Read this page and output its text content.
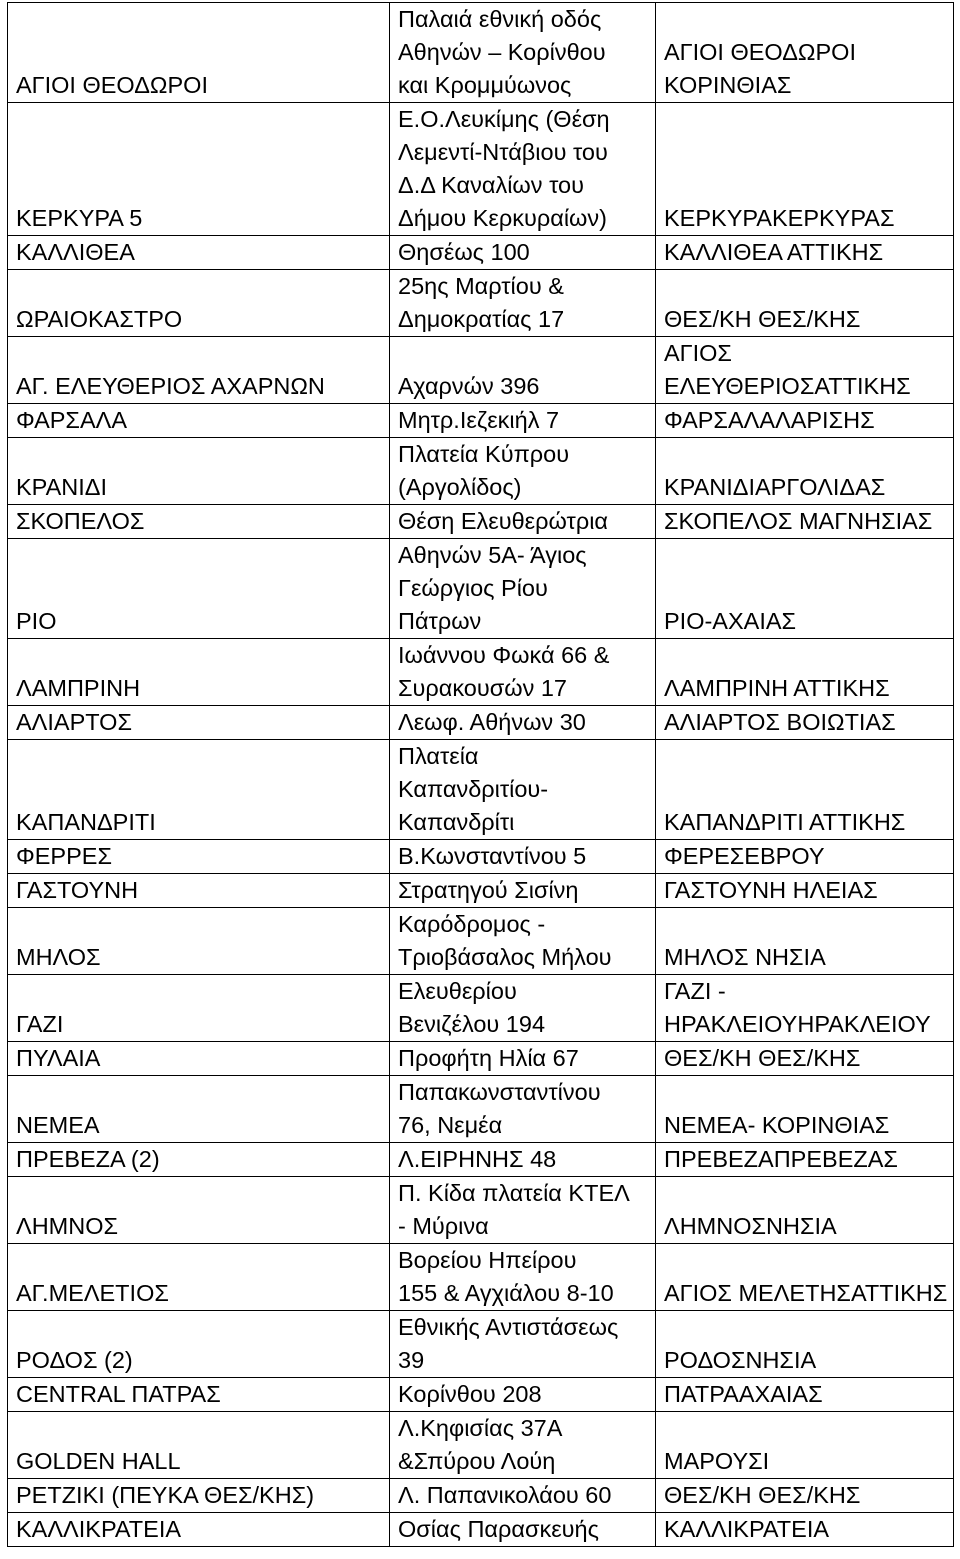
ΑΓΙΟΙ ΘΕΟΔΩΡΟΙ	Παλαιά εθνική οδός
Αθηνών – Κορίνθου
και Κρομμύωνος	ΑΓΙΟΙ ΘΕΟΔΩΡΟΙ
ΚΟΡΙΝΘΙΑΣ
ΚΕΡΚΥΡΑ 5	Ε.Ο.Λευκίμης (Θέση
Λεμεντί-Ντάβιου του
Δ.Δ Καναλίων του
Δήμου Κερκυραίων)	ΚΕΡΚΥΡΑΚΕΡΚΥΡΑΣ
ΚΑΛΛΙΘΕΑ	Θησέως 100	ΚΑΛΛΙΘΕΑ ΑΤΤΙΚΗΣ
ΩΡΑΙΟΚΑΣΤΡΟ	25ης Μαρτίου &
Δημοκρατίας 17	ΘΕΣ/ΚΗ ΘΕΣ/ΚΗΣ
ΑΓ. ΕΛΕΥΘΕΡΙΟΣ ΑΧΑΡΝΩΝ	Αχαρνών 396	ΑΓΙΟΣ
ΕΛΕΥΘΕΡΙΟΣΑΤΤΙΚΗΣ
ΦΑΡΣΑΛΑ	Μητρ.Ιεζεκιήλ 7	ΦΑΡΣΑΛΑΛΑΡΙΣΗΣ
ΚΡΑΝΙΔΙ	Πλατεία Κύπρου
(Αργολίδος)	ΚΡΑΝΙΔΙΑΡΓΟΛΙΔΑΣ
ΣΚΟΠΕΛΟΣ	Θέση Ελευθερώτρια	ΣΚΟΠΕΛΟΣ ΜΑΓΝΗΣΙΑΣ
ΡΙΟ	Αθηνών 5Α- Άγιος
Γεώργιος Ρίου
Πάτρων	ΡΙΟ-ΑΧΑΙΑΣ
ΛΑΜΠΡΙΝΗ	Ιωάννου Φωκά 66 &
Συρακουσών 17	ΛΑΜΠΡΙΝΗ ΑΤΤΙΚΗΣ
ΑΛΙΑΡΤΟΣ	Λεωφ. Αθήνων 30	ΑΛΙΑΡΤΟΣ ΒΟΙΩΤΙΑΣ
ΚΑΠΑΝΔΡΙΤΙ	Πλατεία
Καπανδριτίου-
Καπανδρίτι	ΚΑΠΑΝΔΡΙΤΙ ΑΤΤΙΚΗΣ
ΦΕΡΡΕΣ	Β.Κωνσταντίνου 5	ΦΕΡΕΣΕΒΡΟΥ
ΓΑΣΤΟΥΝΗ	Στρατηγού Σισίνη	ΓΑΣΤΟΥΝΗ ΗΛΕΙΑΣ
ΜΗΛΟΣ	Καρόδρομος -
Τριοβάσαλος Μήλου	ΜΗΛΟΣ ΝΗΣΙΑ
ΓΑΖΙ	Ελευθερίου
Βενιζέλου 194	ΓΑΖΙ -
ΗΡΑΚΛΕΙΟΥΗΡΑΚΛΕΙΟΥ
ΠΥΛΑΙΑ	Προφήτη Ηλία 67	ΘΕΣ/ΚΗ ΘΕΣ/ΚΗΣ
ΝΕΜΕΑ	Παπακωνσταντίνου
76, Νεμέα	ΝΕΜΕΑ- ΚΟΡΙΝΘΙΑΣ
ΠΡΕΒΕΖΑ (2)	Λ.ΕΙΡΗΝΗΣ 48	ΠΡΕΒΕΖΑΠΡΕΒΕΖΑΣ
ΛΗΜΝΟΣ	Π. Κίδα πλατεία ΚΤΕΛ
- Μύρινα	ΛΗΜΝΟΣΝΗΣΙΑ
ΑΓ.ΜΕΛΕΤΙΟΣ	Βορείου Ηπείρου
155 & Αγχιάλου 8-10	ΑΓΙΟΣ ΜΕΛΕΤΗΣΑΤΤΙΚΗΣ
ΡΟΔΟΣ (2)	Εθνικής Αντιστάσεως
39	ΡΟΔΟΣΝΗΣΙΑ
CENTRAL ΠΑΤΡΑΣ	Κορίνθου 208	ΠΑΤΡΑΑΧΑΙΑΣ
GOLDEN HALL	Λ.Κηφισίας 37Α
&Σπύρου Λούη	ΜΑΡΟΥΣΙ
ΡΕΤΖΙΚΙ (ΠΕΥΚΑ ΘΕΣ/ΚΗΣ)	Λ. Παπανικολάου 60	ΘΕΣ/ΚΗ ΘΕΣ/ΚΗΣ
ΚΑΛΛΙΚΡΑΤΕΙΑ	Οσίας Παρασκευής	ΚΑΛΛΙΚΡΑΤΕΙΑ
